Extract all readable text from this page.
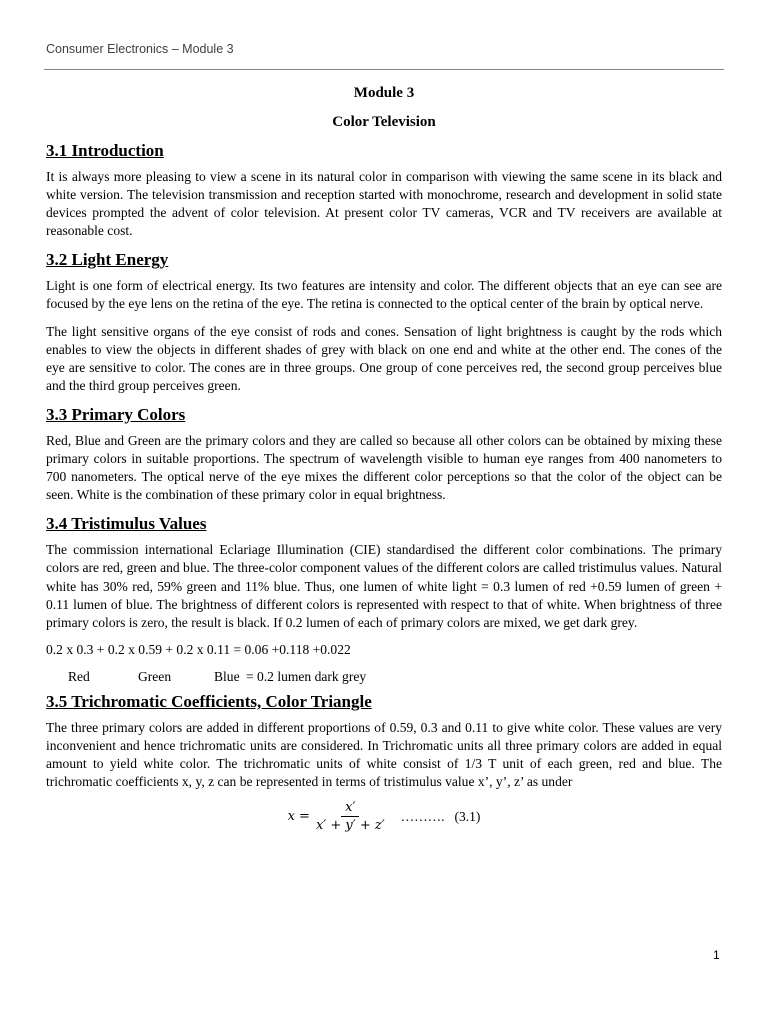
Consumer Electronics – Module 3
Module 3
Color Television
3.1 Introduction

It is always more pleasing to view a scene in its natural color in comparison with viewing the same scene in its black and white version. The television transmission and reception started with monochrome, research and development in solid state devices prompted the advent of color television. At present color TV cameras, VCR and TV receivers are available at reasonable cost.

3.2 Light Energy

Light is one form of electrical energy. Its two features are intensity and color. The different objects that an eye can see are focused by the eye lens on the retina of the eye. The retina is connected to the optical center of the brain by optical nerve.

The light sensitive organs of the eye consist of rods and cones. Sensation of light brightness is caught by the rods which enables to view the objects in different shades of grey with black on one end and white at the other end. The cones of the eye are sensitive to color. The cones are in three groups. One group of cone perceives red, the second group perceives blue and the third group perceives green.

3.3 Primary Colors

Red, Blue and Green are the primary colors and they are called so because all other colors can be obtained by mixing these primary colors in suitable proportions. The spectrum of wavelength visible to human eye ranges from 400 nanometers to 700 nanometers. The optical nerve of the eye mixes the different color perceptions so that the color of the object can be seen. White is the combination of these primary color in equal brightness.

3.4 Tristimulus Values

The commission international Eclariage Illumination (CIE) standardised the different color combinations. The primary colors are red, green and blue. The three-color component values of the different colors are called tristimulus values. Natural white has 30% red, 59% green and 11% blue. Thus, one lumen of white light = 0.3 lumen of red +0.59 lumen of green + 0.11 lumen of blue. The brightness of different colors is represented with respect to that of white. When brightness of three primary colors is zero, the result is black. If 0.2 lumen of each of primary colors are mixed, we get dark grey.

0.2 x 0.3 + 0.2 x 0.59 + 0.2 x 0.11 = 0.06 +0.118 +0.022
Red	Green	Blue = 0.2 lumen dark grey
3.5 Trichromatic Coefficients, Color Triangle

The three primary colors are added in different proportions of 0.59, 0.3 and 0.11 to give white color. These values are very inconvenient and hence trichromatic units are considered. In Trichromatic units all three primary colors are added in equal amount to yield white color. The trichromatic units of white consist of 1/3 T unit of each green, red and blue. The trichromatic coefficients x, y, z can be represented in terms of tristimulus value x’, y’, z’ as under

$x = \frac{x'}{x' + y' + z'}$ ………. (3.1)
1
